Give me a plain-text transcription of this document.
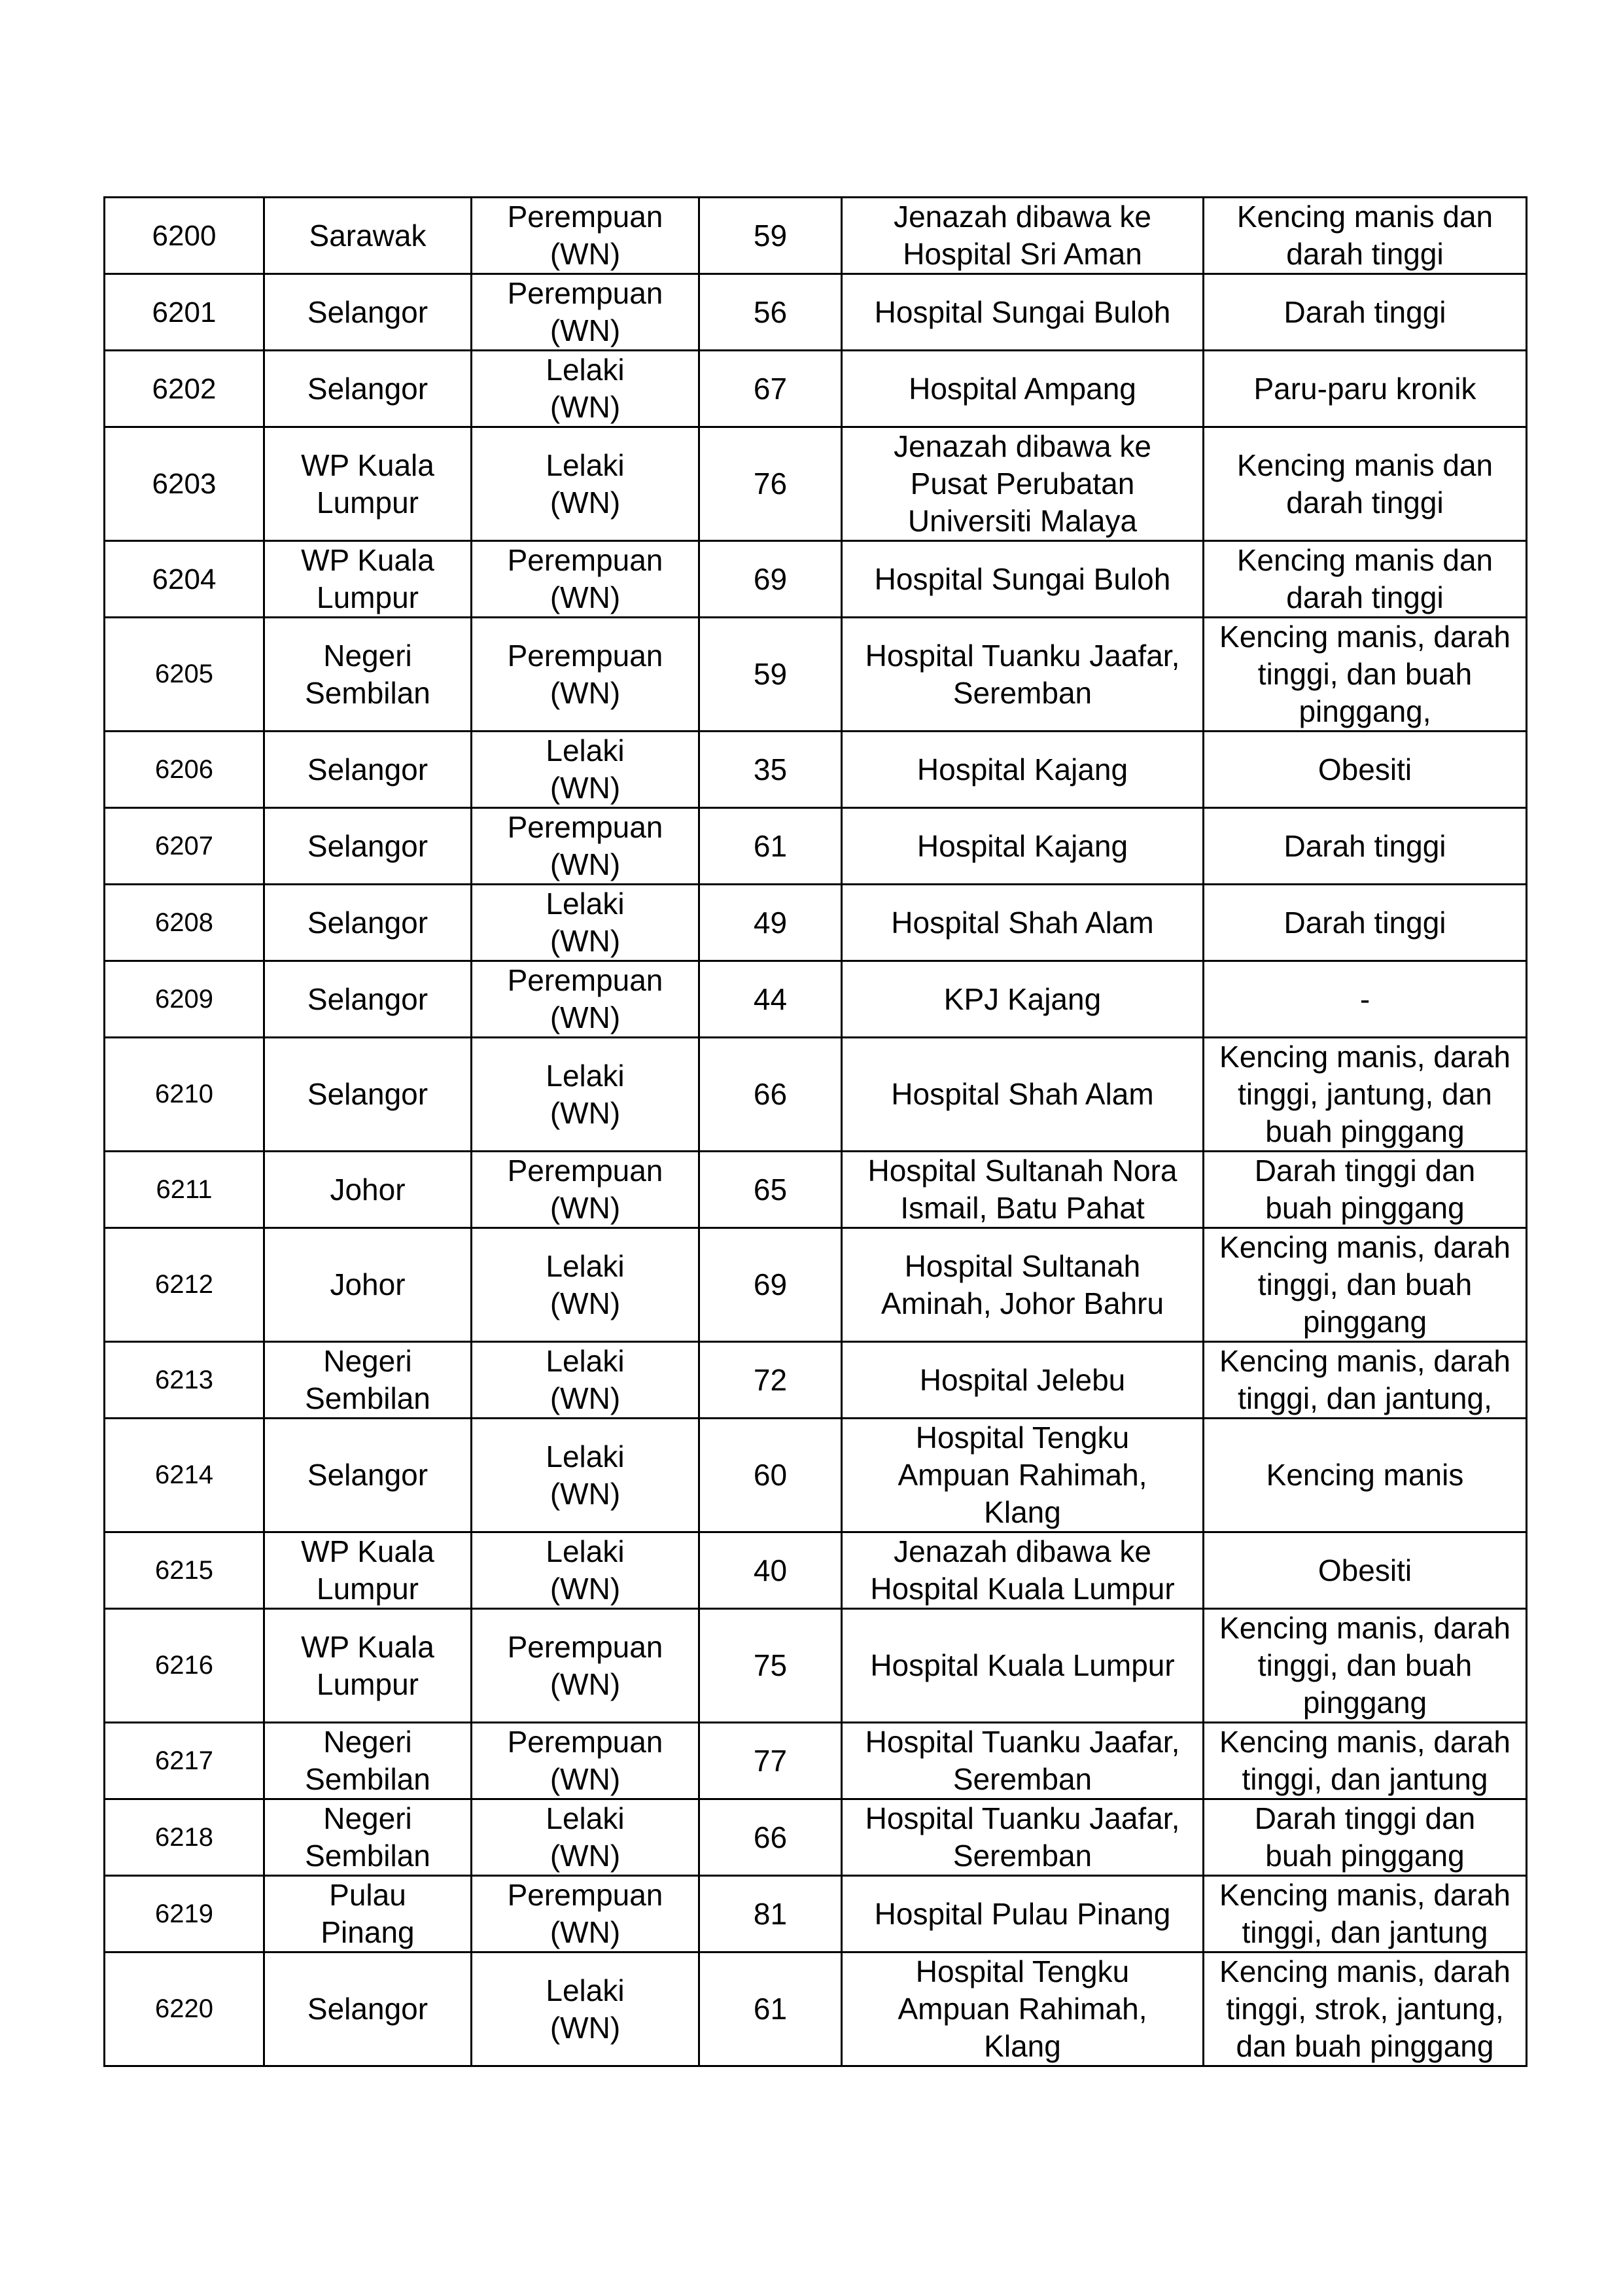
6200	Sarawak	Perempuan
(WN)	59	Jenazah dibawa ke
Hospital Sri Aman	Kencing manis dan
darah tinggi

6201	Selangor	Perempuan
(WN)	56	Hospital Sungai Buloh	Darah tinggi

6202	Selangor	Lelaki
(WN)	67	Hospital Ampang	Paru-paru kronik

6203	WP Kuala
Lumpur	Lelaki
(WN)	76	Jenazah dibawa ke
Pusat Perubatan
Universiti Malaya	Kencing manis dan
darah tinggi

6204	WP Kuala
Lumpur	Perempuan
(WN)	69	Hospital Sungai Buloh	Kencing manis dan
darah tinggi

6205	Negeri
Sembilan	Perempuan
(WN)	59	Hospital Tuanku Jaafar,
Seremban	Kencing manis, darah
tinggi, dan buah
pinggang,

6206	Selangor	Lelaki
(WN)	35	Hospital Kajang	Obesiti

6207	Selangor	Perempuan
(WN)	61	Hospital Kajang	Darah tinggi

6208	Selangor	Lelaki
(WN)	49	Hospital Shah Alam	Darah tinggi

6209	Selangor	Perempuan
(WN)	44	KPJ Kajang	-

6210	Selangor	Lelaki
(WN)	66	Hospital Shah Alam	Kencing manis, darah
tinggi, jantung, dan
buah pinggang

6211	Johor	Perempuan
(WN)	65	Hospital Sultanah Nora
Ismail, Batu Pahat	Darah tinggi dan
buah pinggang

6212	Johor	Lelaki
(WN)	69	Hospital Sultanah
Aminah, Johor Bahru	Kencing manis, darah
tinggi, dan buah
pinggang

6213	Negeri
Sembilan	Lelaki
(WN)	72	Hospital Jelebu	Kencing manis, darah
tinggi, dan jantung,

6214	Selangor	Lelaki
(WN)	60	Hospital Tengku
Ampuan Rahimah,
Klang	Kencing manis

6215	WP Kuala
Lumpur	Lelaki
(WN)	40	Jenazah dibawa ke
Hospital Kuala Lumpur	Obesiti

6216	WP Kuala
Lumpur	Perempuan
(WN)	75	Hospital Kuala Lumpur	Kencing manis, darah
tinggi, dan buah
pinggang

6217	Negeri
Sembilan	Perempuan
(WN)	77	Hospital Tuanku Jaafar,
Seremban	Kencing manis, darah
tinggi, dan jantung

6218	Negeri
Sembilan	Lelaki
(WN)	66	Hospital Tuanku Jaafar,
Seremban	Darah tinggi dan
buah pinggang

6219	Pulau
Pinang	Perempuan
(WN)	81	Hospital Pulau Pinang	Kencing manis, darah
tinggi, dan jantung

6220	Selangor	Lelaki
(WN)	61	Hospital Tengku
Ampuan Rahimah,
Klang	Kencing manis, darah
tinggi, strok, jantung,
dan buah pinggang
